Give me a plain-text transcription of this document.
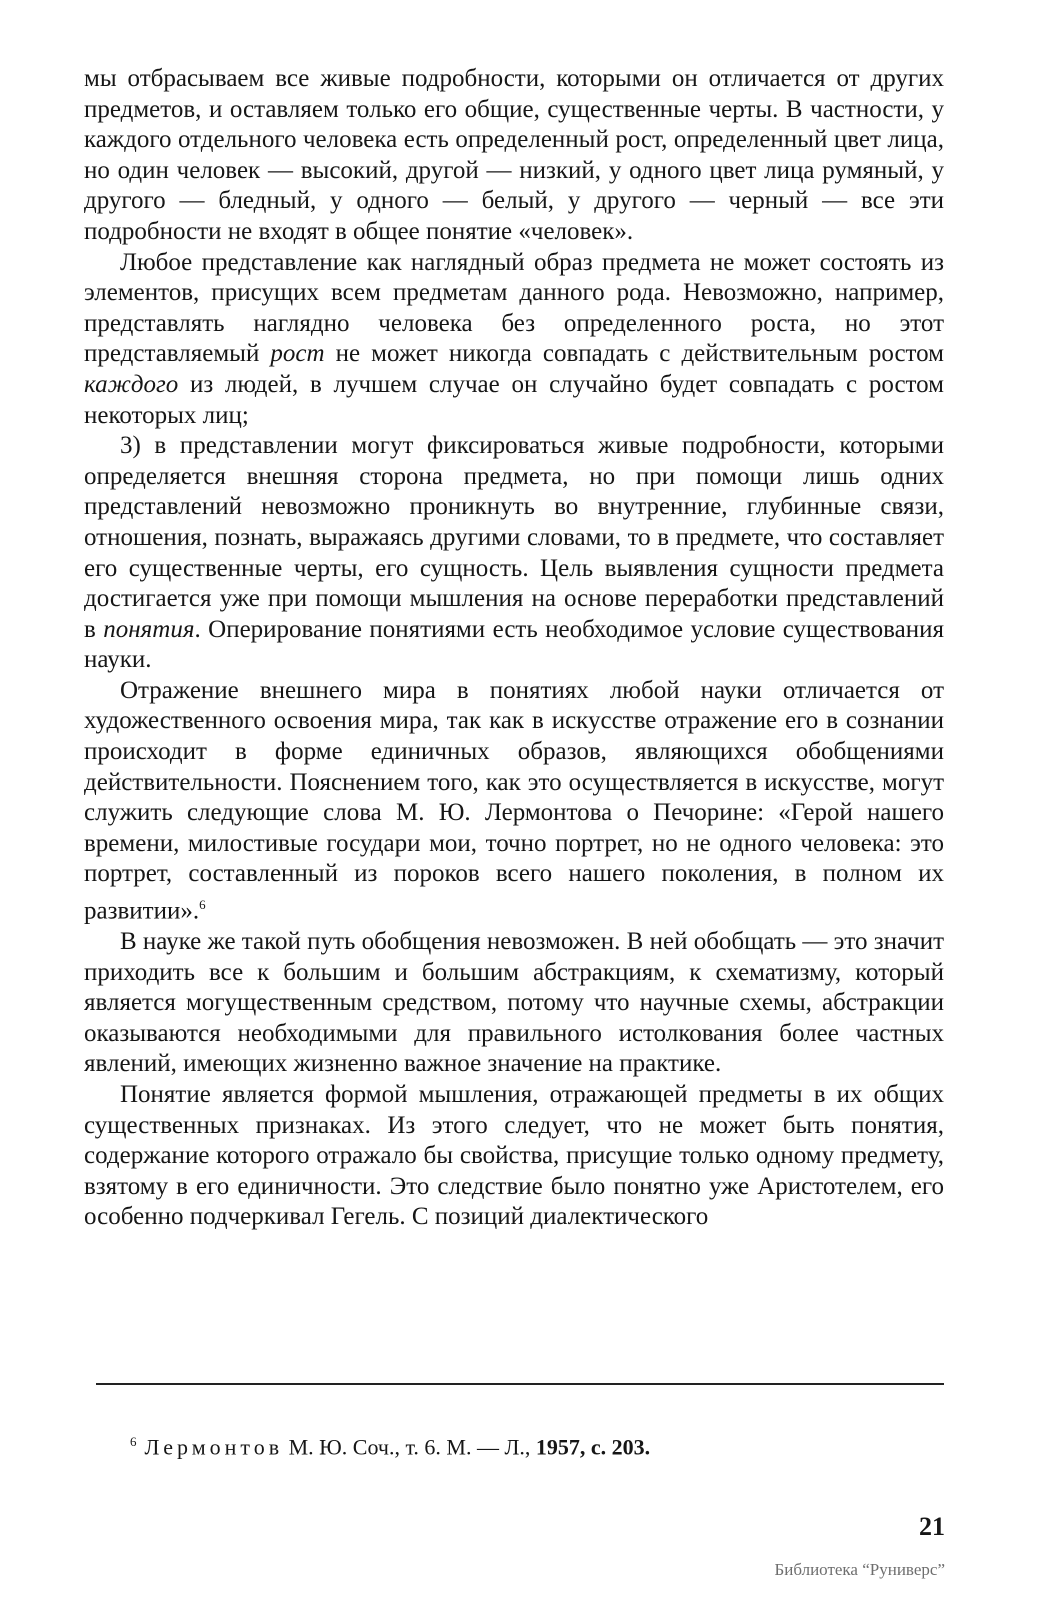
мы отбрасываем все живые подробности, которыми он отличается от других предметов, и оставляем только его общие, существенные черты. В частности, у каждого отдельного человека есть определенный рост, определенный цвет лица, но один человек — высокий, другой — низкий, у одного цвет лица румяный, у другого — бледный, у одного — белый, у другого — черный — все эти подробности не входят в общее понятие «человек».

Любое представление как наглядный образ предмета не может состоять из элементов, присущих всем предметам данного рода. Невозможно, например, представлять наглядно человека без определенного роста, но этот представляемый рост не может никогда совпадать с действительным ростом каждого из людей, в лучшем случае он случайно будет совпадать с ростом некоторых лиц;

3) в представлении могут фиксироваться живые подробности, которыми определяется внешняя сторона предмета, но при помощи лишь одних представлений невозможно проникнуть во внутренние, глубинные связи, отношения, познать, выражаясь другими словами, то в предмете, что составляет его существенные черты, его сущность. Цель выявления сущности предмета достигается уже при помощи мышления на основе переработки представлений в понятия. Оперирование понятиями есть необходимое условие существования науки.

Отражение внешнего мира в понятиях любой науки отличается от художественного освоения мира, так как в искусстве отражение его в сознании происходит в форме единичных образов, являющихся обобщениями действительности. Пояснением того, как это осуществляется в искусстве, могут служить следующие слова М. Ю. Лермонтова о Печорине: «Герой нашего времени, милостивые государи мои, точно портрет, но не одного человека: это портрет, составленный из пороков всего нашего поколения, в полном их развитии».$^6$

В науке же такой путь обобщения невозможен. В ней обобщать — это значит приходить все к большим и большим абстракциям, к схематизму, который является могущественным средством, потому что научные схемы, абстракции оказываются необходимыми для правильного истолкования более частных явлений, имеющих жизненно важное значение на практике.

Понятие является формой мышления, отражающей предметы в их общих существенных признаках. Из этого следует, что не может быть понятия, содержание которого отражало бы свойства, присущие только одному предмету, взятому в его единичности. Это следствие было понятно уже Аристотелем, его особенно подчеркивал Гегель. С позиций диалектического

$^6$ Лермонтов М. Ю. Соч., т. 6. М. — Л., 1957, с. 203.
21
Библиотека “Руниверс”
